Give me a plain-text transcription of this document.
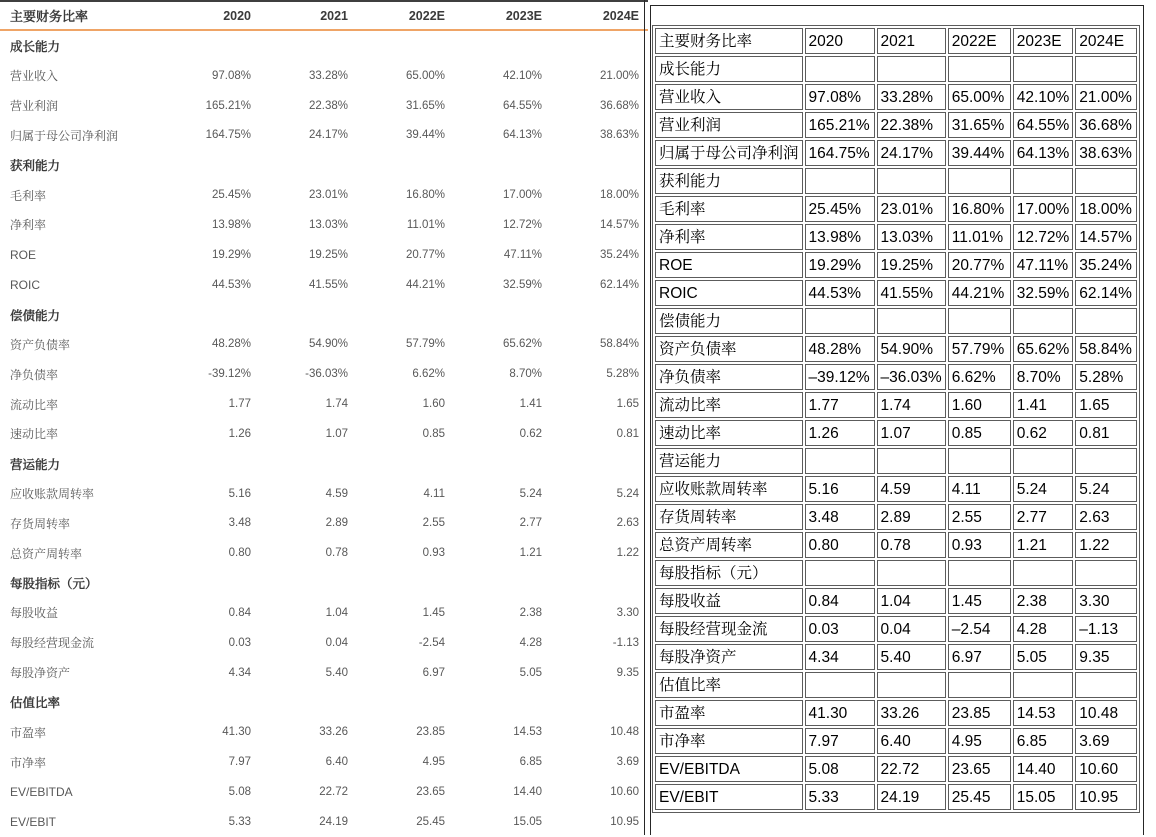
主要财务比率	2020	2021	2022E	2023E	2024E
成长能力
营业收入	97.08%	33.28%	65.00%	42.10%	21.00%
营业利润	165.21%	22.38%	31.65%	64.55%	36.68%
归属于母公司净利润	164.75%	24.17%	39.44%	64.13%	38.63%
获利能力
毛利率	25.45%	23.01%	16.80%	17.00%	18.00%
净利率	13.98%	13.03%	11.01%	12.72%	14.57%
ROE	19.29%	19.25%	20.77%	47.11%	35.24%
ROIC	44.53%	41.55%	44.21%	32.59%	62.14%
偿债能力
资产负债率	48.28%	54.90%	57.79%	65.62%	58.84%
净负债率	-39.12%	-36.03%	6.62%	8.70%	5.28%
流动比率	1.77	1.74	1.60	1.41	1.65
速动比率	1.26	1.07	0.85	0.62	0.81
营运能力
应收账款周转率	5.16	4.59	4.11	5.24	5.24
存货周转率	3.48	2.89	2.55	2.77	2.63
总资产周转率	0.80	0.78	0.93	1.21	1.22
每股指标（元）
每股收益	0.84	1.04	1.45	2.38	3.30
每股经营现金流	0.03	0.04	-2.54	4.28	-1.13
每股净资产	4.34	5.40	6.97	5.05	9.35
估值比率
市盈率	41.30	33.26	23.85	14.53	10.48
市净率	7.97	6.40	4.95	6.85	3.69
EV/EBITDA	5.08	22.72	23.65	14.40	10.60
EV/EBIT	5.33	24.19	25.45	15.05	10.95
主要财务比率	2020	2021	2022E	2023E	2024E
成长能力					
营业收入	97.08%	33.28%	65.00%	42.10%	21.00%
营业利润	165.21%	22.38%	31.65%	64.55%	36.68%
归属于母公司净利润	164.75%	24.17%	39.44%	64.13%	38.63%
获利能力					
毛利率	25.45%	23.01%	16.80%	17.00%	18.00%
净利率	13.98%	13.03%	11.01%	12.72%	14.57%
ROE	19.29%	19.25%	20.77%	47.11%	35.24%
ROIC	44.53%	41.55%	44.21%	32.59%	62.14%
偿债能力					
资产负债率	48.28%	54.90%	57.79%	65.62%	58.84%
净负债率	–39.12%	–36.03%	6.62%	8.70%	5.28%
流动比率	1.77	1.74	1.60	1.41	1.65
速动比率	1.26	1.07	0.85	0.62	0.81
营运能力					
应收账款周转率	5.16	4.59	4.11	5.24	5.24
存货周转率	3.48	2.89	2.55	2.77	2.63
总资产周转率	0.80	0.78	0.93	1.21	1.22
每股指标（元）					
每股收益	0.84	1.04	1.45	2.38	3.30
每股经营现金流	0.03	0.04	–2.54	4.28	–1.13
每股净资产	4.34	5.40	6.97	5.05	9.35
估值比率					
市盈率	41.30	33.26	23.85	14.53	10.48
市净率	7.97	6.40	4.95	6.85	3.69
EV/EBITDA	5.08	22.72	23.65	14.40	10.60
EV/EBIT	5.33	24.19	25.45	15.05	10.95
